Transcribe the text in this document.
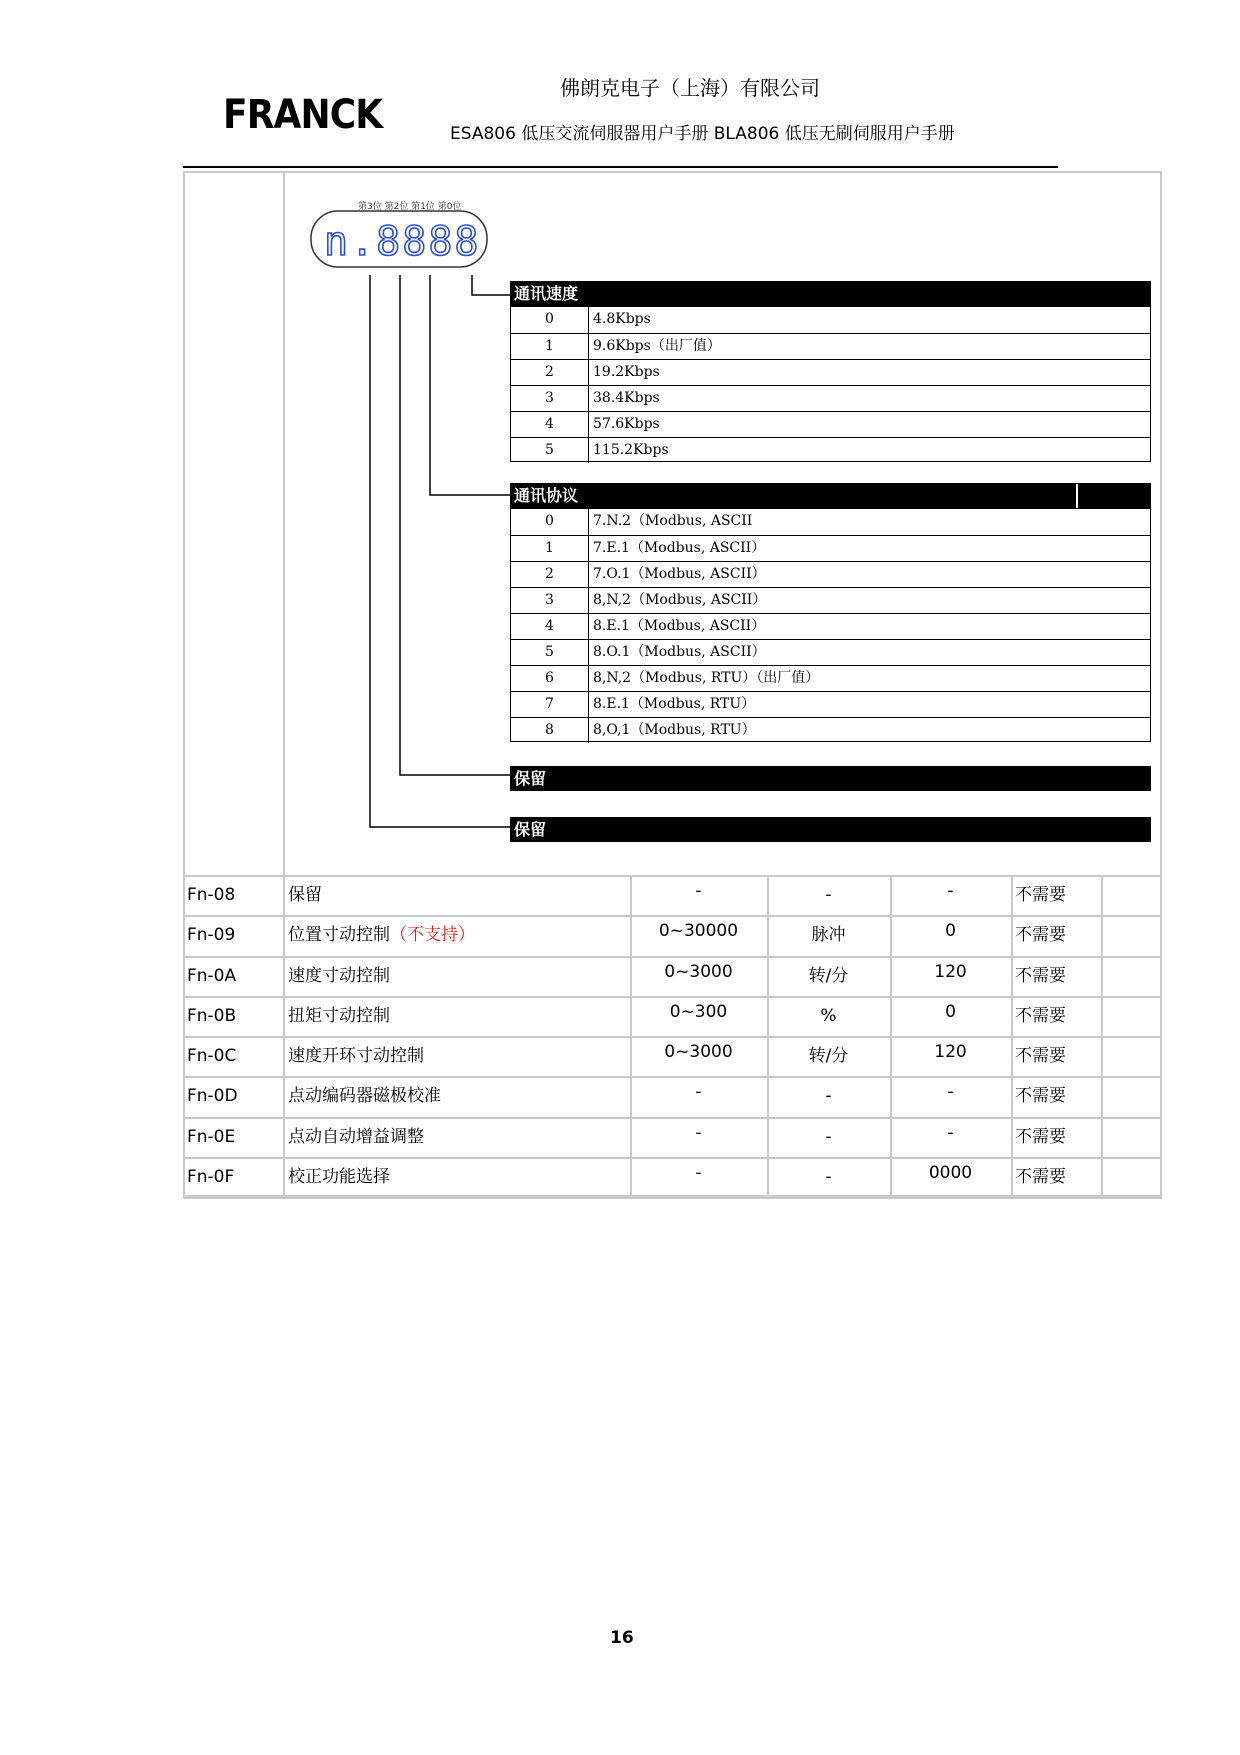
FRANCK
佛朗克电子（上海）有限公司
ESA806 低压交流伺服器用户手册 BLA806 低压无刷伺服用户手册
第3位 第2位 第1位 第0位
n.8888
通讯速度
0	4.8Kbps
1	9.6Kbps（出厂值）
2	19.2Kbps
3	38.4Kbps
4	57.6Kbps
5	115.2Kbps
通讯协议
0	7.N.2（Modbus, ASCII
1	7.E.1（Modbus, ASCII）
2	7.O.1（Modbus, ASCII）
3	8,N,2（Modbus, ASCII）
4	8.E.1（Modbus, ASCII）
5	8.O.1（Modbus, ASCII）
6	8,N,2（Modbus, RTU）（出厂值）
7	8.E.1（Modbus, RTU）
8	8,O,1（Modbus, RTU）
保留
保留
Fn-08	保留	-	-	-	不需要
Fn-09	位置寸动控制（不支持）	0~30000	脉冲	0	不需要
Fn-0A	速度寸动控制	0~3000	转/分	120	不需要
Fn-0B	扭矩寸动控制	0~300	%	0	不需要
Fn-0C	速度开环寸动控制	0~3000	转/分	120	不需要
Fn-0D	点动编码器磁极校准	-	-	-	不需要
Fn-0E	点动自动增益调整	-	-	-	不需要
Fn-0F	校正功能选择	-	-	0000	不需要
16
